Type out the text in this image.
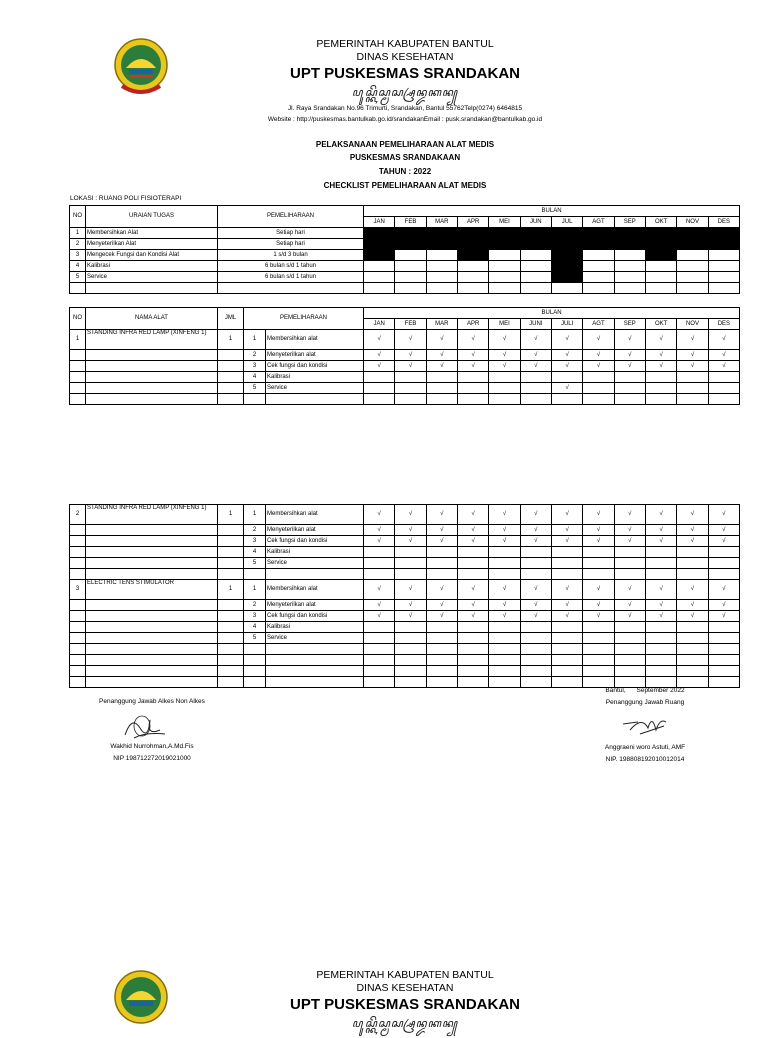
PEMERINTAH KABUPATEN BANTUL
DINAS KESEHATAN
UPT PUSKESMAS SRANDAKAN
ꦥꦸꦱ꧀ꦏꦼꦱ꧀ꦩꦱ꧀ꦱꦿꦤ꧀ꦢꦏꦤ꧀
Jl. Raya Srandakan No.96 Trimurti, Srandakan, Bantul 55762Telp(0274) 6464815
Website : http://puskesmas.bantulkab.go.id/srandakanEmail : pusk.srandakan@bantulkab.go.id
PELAKSANAAN PEMELIHARAAN ALAT MEDIS
PUSKESMAS SRANDAKAAN
TAHUN : 2022
CHECKLIST PEMELIHARAAN ALAT MEDIS
LOKASI : RUANG POLI FISIOTERAPI
NO	URAIAN TUGAS	PEMELIHARAAN	BULAN											
			JAN	FEB	MAR	APR	MEI	JUN	JUL	AGT	SEP	OKT	NOV	DES
1	Membersihkan Alat	Setiap hari												
2	Menyeterilkan Alat	Setiap hari												
3	Mengecek Fungsi dan Kondisi Alat	1 s/d 3 bulan												
4	Kalibrasi	6 bulan s/d 1 tahun												
5	Service	6 bulan s/d 1 tahun												

NO	NAMA ALAT	JML	PEMELIHARAAN		BULAN											
					JAN	FEB	MAR	APR	MEI	JUNI	JULI	AGT	SEP	OKT	NOV	DES
1	STANDING INFRA RED LAMP (XINFENG 1)	1	1	Membersihkan alat	√	√	√	√	√	√	√	√	√	√	√	√
			2	Menyeterilkan alat	√	√	√	√	√	√	√	√	√	√	√	√
			3	Cek fungsi dan kondisi	√	√	√	√	√	√	√	√	√	√	√	√
			4	Kalibrasi												
			5	Service							√					

2	STANDING INFRA RED LAMP (XINFENG 1)	1	1	Membersihkan alat	√	√	√	√	√	√	√	√	√	√	√	√
			2	Menyeterilkan alat	√	√	√	√	√	√	√	√	√	√	√	√
			3	Cek fungsi dan kondisi	√	√	√	√	√	√	√	√	√	√	√	√
			4	Kalibrasi												
			5	Service												

3	ELECTRIC TENS STIMULATOR	1	1	Membersihkan alat	√	√	√	√	√	√	√	√	√	√	√	√
			2	Menyeterilkan alat	√	√	√	√	√	√	√	√	√	√	√	√
			3	Cek fungsi dan kondisi	√	√	√	√	√	√	√	√	√	√	√	√
			4	Kalibrasi												
			5	Service												

Penanggung Jawab Alkes Non Alkes
Wakhid Nurrohman,A.Md.Fis
NIP 198712272019021000
Bantul,      September 2022
Penanggung Jawab Ruang
Anggraeni woro Astuti, AMF
NIP. 198808192010012014
PEMERINTAH KABUPATEN BANTUL
DINAS KESEHATAN
UPT PUSKESMAS SRANDAKAN
ꦥꦸꦱ꧀ꦏꦼꦱ꧀ꦩꦱ꧀ꦱꦿꦤ꧀ꦢꦏꦤ꧀
